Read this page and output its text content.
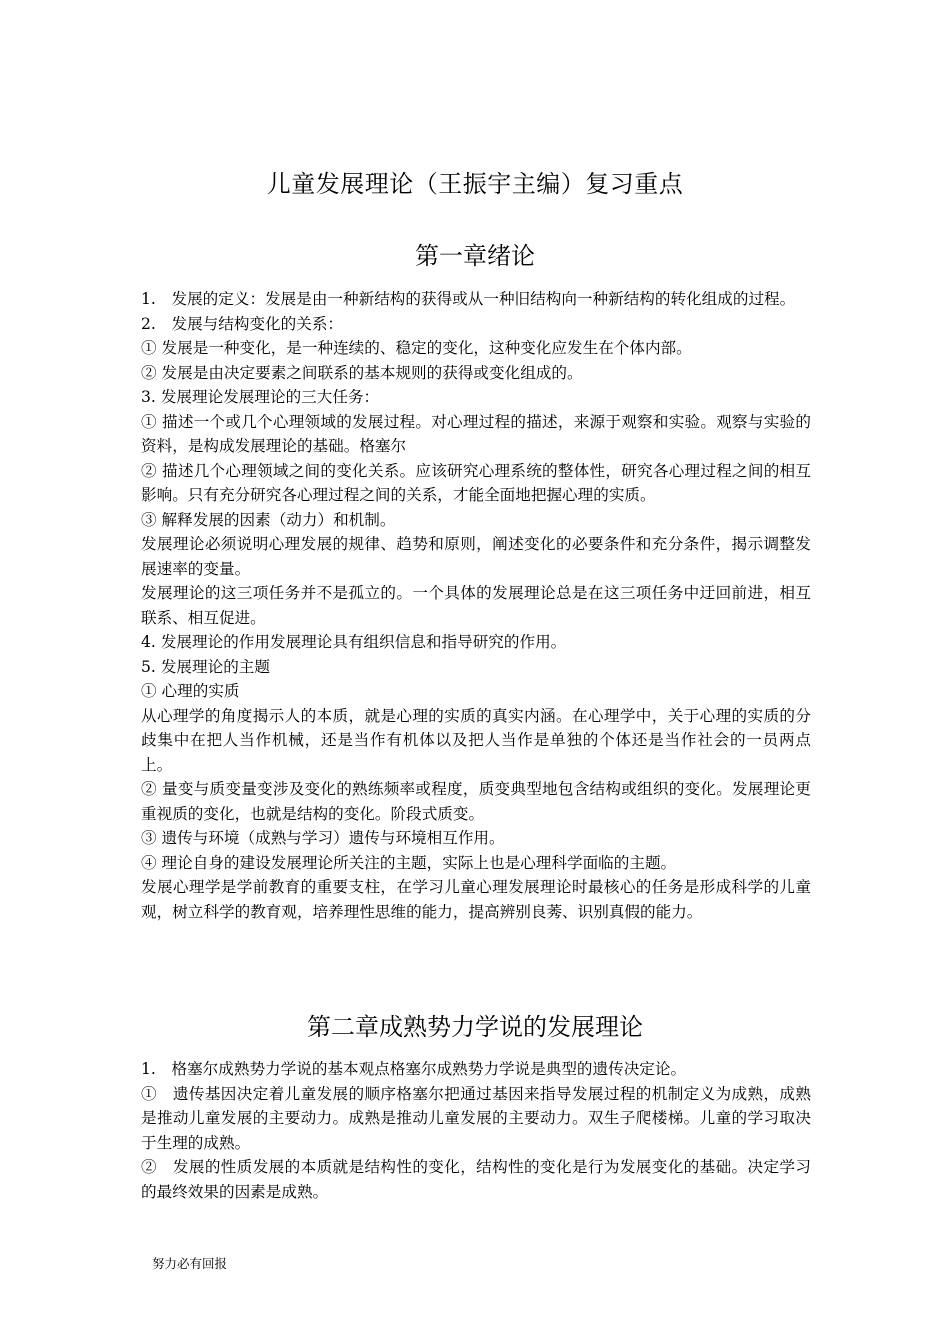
儿童发展理论（王振宇主编）复习重点
第一章绪论

1.　发展的定义：发展是由一种新结构的获得或从一种旧结构向一种新结构的转化组成的过程。

2.　发展与结构变化的关系：

① 发展是一种变化，是一种连续的、稳定的变化，这种变化应发生在个体内部。

② 发展是由决定要素之间联系的基本规则的获得或变化组成的。

3. 发展理论发展理论的三大任务：

① 描述一个或几个心理领域的发展过程。对心理过程的描述，来源于观察和实验。观察与实验的资料，是构成发展理论的基础。格塞尔

② 描述几个心理领域之间的变化关系。应该研究心理系统的整体性，研究各心理过程之间的相互影响。只有充分研究各心理过程之间的关系，才能全面地把握心理的实质。

③ 解释发展的因素（动力）和机制。

发展理论必须说明心理发展的规律、趋势和原则，阐述变化的必要条件和充分条件，揭示调整发展速率的变量。

发展理论的这三项任务并不是孤立的。一个具体的发展理论总是在这三项任务中迂回前进，相互联系、相互促进。

4. 发展理论的作用发展理论具有组织信息和指导研究的作用。

5. 发展理论的主题

① 心理的实质

从心理学的角度揭示人的本质，就是心理的实质的真实内涵。在心理学中，关于心理的实质的分歧集中在把人当作机械，还是当作有机体以及把人当作是单独的个体还是当作社会的一员两点上。

② 量变与质变量变涉及变化的熟练频率或程度，质变典型地包含结构或组织的变化。发展理论更重视质的变化，也就是结构的变化。阶段式质变。

③ 遗传与环境（成熟与学习）遗传与环境相互作用。

④ 理论自身的建设发展理论所关注的主题，实际上也是心理科学面临的主题。

发展心理学是学前教育的重要支柱，在学习儿童心理发展理论时最核心的任务是形成科学的儿童观，树立科学的教育观，培养理性思维的能力，提高辨别良莠、识别真假的能力。

第二章成熟势力学说的发展理论

1.　格塞尔成熟势力学说的基本观点格塞尔成熟势力学说是典型的遗传决定论。

①　遗传基因决定着儿童发展的顺序格塞尔把通过基因来指导发展过程的机制定义为成熟，成熟是推动儿童发展的主要动力。成熟是推动儿童发展的主要动力。双生子爬楼梯。儿童的学习取决于生理的成熟。

②　发展的性质发展的本质就是结构性的变化，结构性的变化是行为发展变化的基础。决定学习的最终效果的因素是成熟。

努力必有回报
